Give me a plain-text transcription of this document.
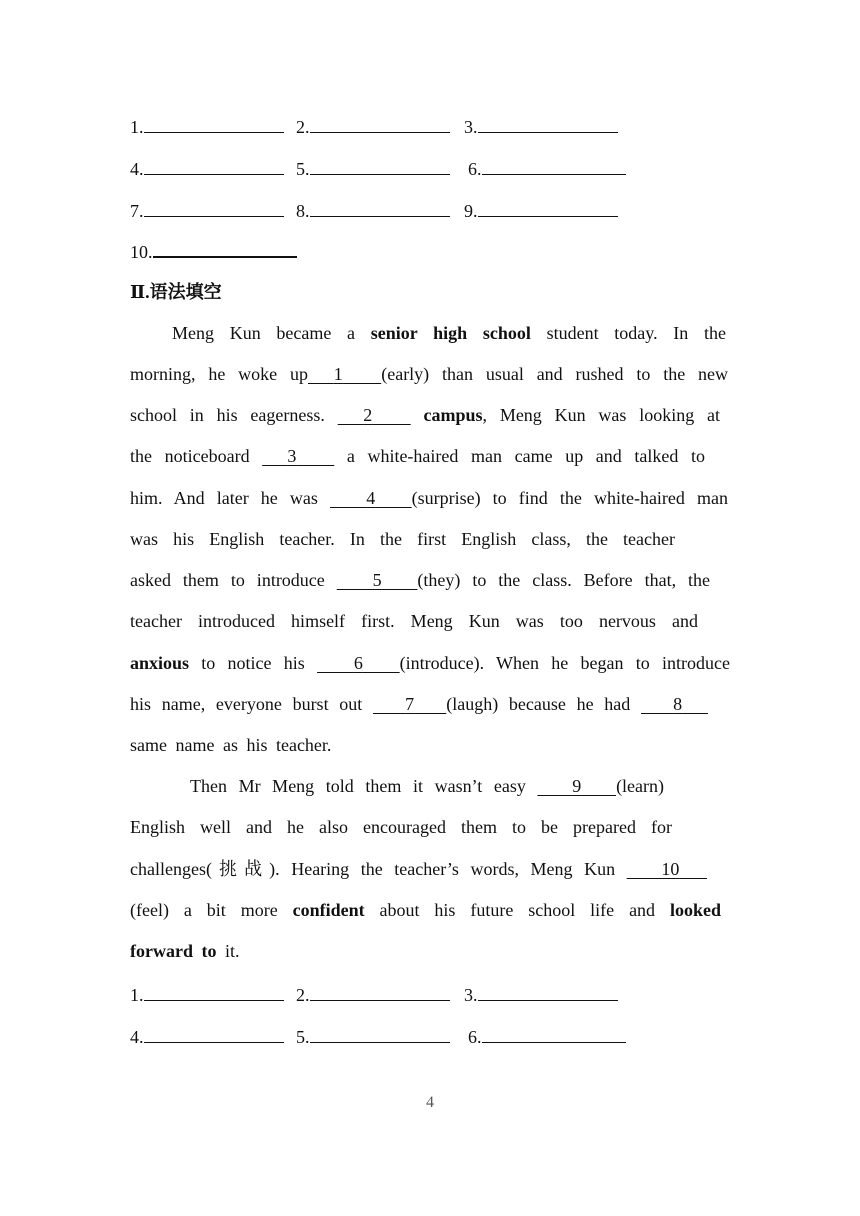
1.	2.	3.
4.	5.	6.
7.	8.	9.
10.
Ⅱ.语法填空
Meng Kun became a senior high school student today. In the
morning, he woke up 1 (early) than usual and rushed to the new
school in his eagerness.   2	campus, Meng Kun was looking at
the noticeboard   3    a white-haired man came up and talked to
him. And later he was    4 (surprise) to find the white-haired man
was his English teacher. In the first English class, the teacher
asked them to introduce    5 (they) to the class. Before that, the
teacher introduced himself first. Meng Kun was too nervous and
anxious to notice his    6 (introduce). When he began to introduce
his name, everyone burst out    7 (laugh) because he had    8
same name as his teacher.
Then Mr Meng told them it wasn’t easy    9 (learn)
English well and he also encouraged them to be prepared for
challenges(挑战). Hearing the teacher’s words, Meng Kun    10
(feel) a bit more confident about his future school life and looked
forward to it.
1.	2.	3.
4.	5.	6.
4
